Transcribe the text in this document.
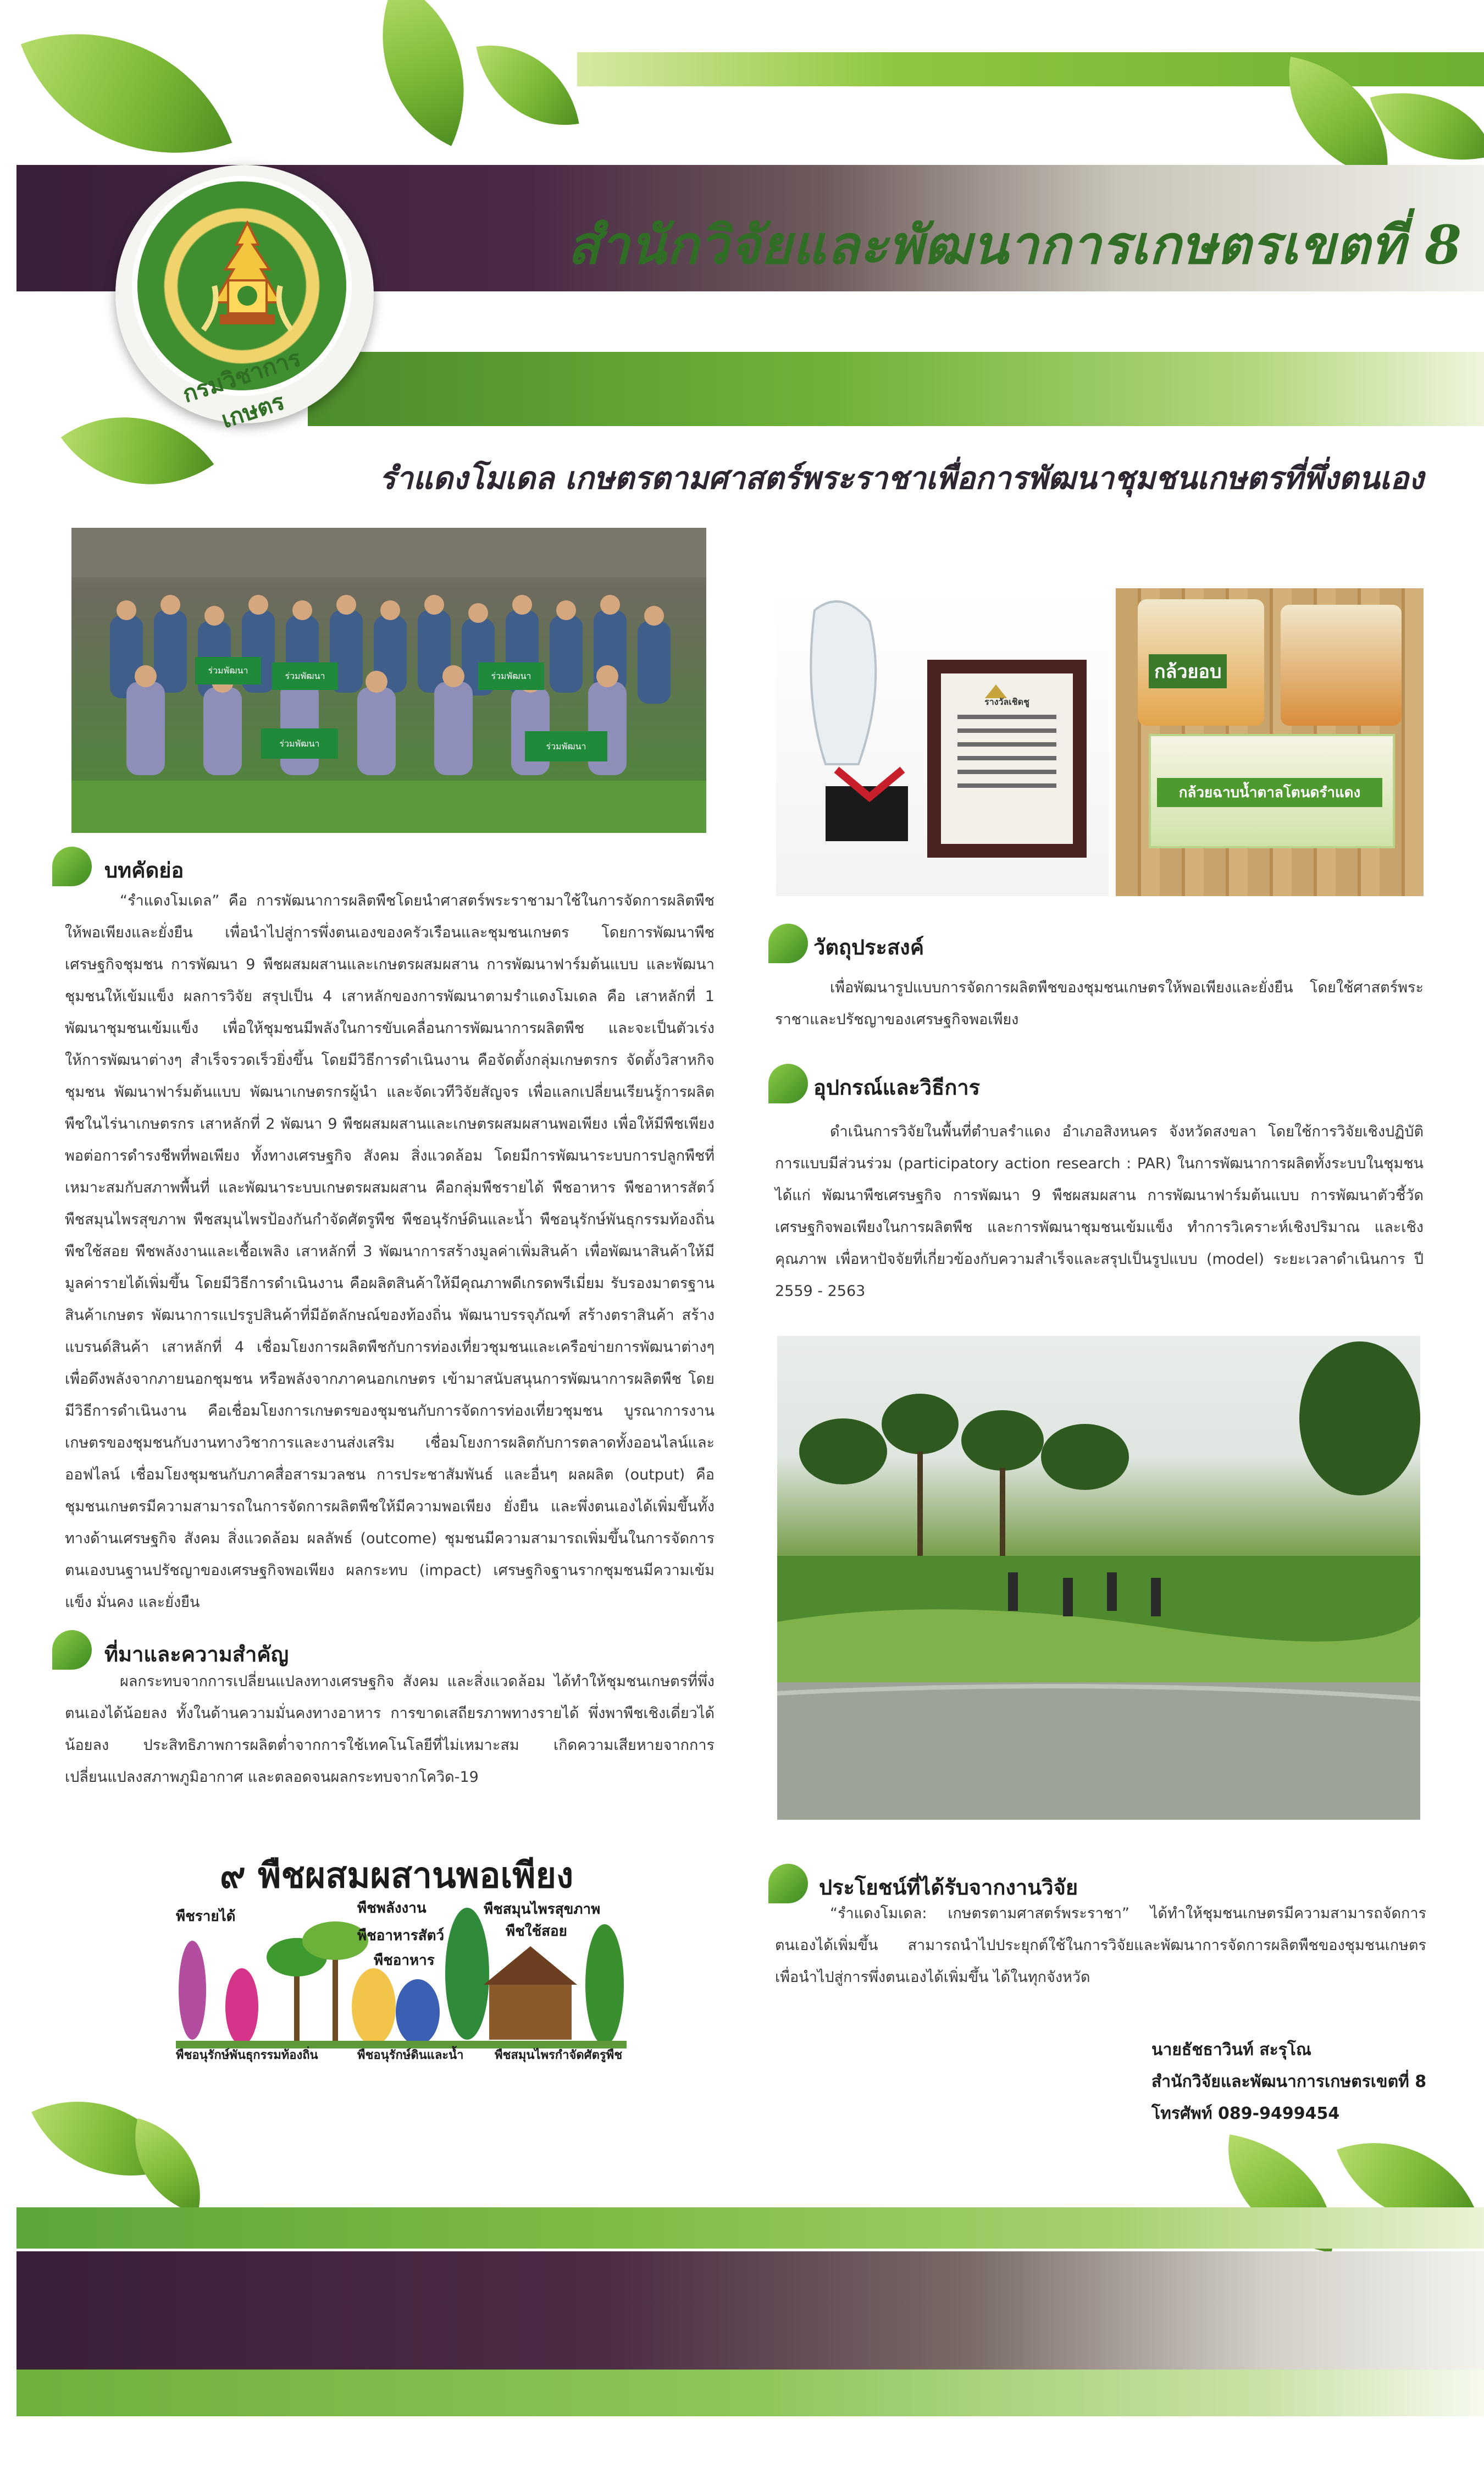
สำนักวิจัยและพัฒนาการเกษตรเขตที่ 8
กรมวิชาการเกษตร
รำแดงโมเดล เกษตรตามศาสตร์พระราชาเพื่อการพัฒนาชุมชนเกษตรที่พึ่งตนเอง
ร่วมพัฒนา
ร่วมพัฒนา	ร่วมพัฒนา
ร่วมพัฒนา	ร่วมพัฒนา
บทคัดย่อ
“รำแดงโมเดล” คือ การพัฒนาการผลิตพืชโดยนำศาสตร์พระราชามาใช้ในการจัดการผลิตพืชให้พอเพียงและยั่งยืน เพื่อนำไปสู่การพึ่งตนเองของครัวเรือนและชุมชนเกษตร โดยการพัฒนาพืชเศรษฐกิจชุมชน การพัฒนา 9 พืชผสมผสานและเกษตรผสมผสาน การพัฒนาฟาร์มต้นแบบ และพัฒนาชุมชนให้เข้มแข็ง ผลการวิจัย สรุปเป็น 4 เสาหลักของการพัฒนาตามรำแดงโมเดล คือ เสาหลักที่ 1 พัฒนาชุมชนเข้มแข็ง เพื่อให้ชุมชนมีพลังในการขับเคลื่อนการพัฒนาการผลิตพืช และจะเป็นตัวเร่งให้การพัฒนาต่างๆ สำเร็จรวดเร็วยิ่งขึ้น โดยมีวิธีการดำเนินงาน คือจัดตั้งกลุ่มเกษตรกร จัดตั้งวิสาหกิจชุมชน พัฒนาฟาร์มต้นแบบ พัฒนาเกษตรกรผู้นำ และจัดเวทีวิจัยสัญจร เพื่อแลกเปลี่ยนเรียนรู้การผลิตพืชในไร่นาเกษตรกร เสาหลักที่ 2 พัฒนา 9 พืชผสมผสานและเกษตรผสมผสานพอเพียง เพื่อให้มีพืชเพียงพอต่อการดำรงชีพที่พอเพียง ทั้งทางเศรษฐกิจ สังคม สิ่งแวดล้อม โดยมีการพัฒนาระบบการปลูกพืชที่เหมาะสมกับสภาพพื้นที่ และพัฒนาระบบเกษตรผสมผสาน คือกลุ่มพืชรายได้ พืชอาหาร พืชอาหารสัตว์ พืชสมุนไพรสุขภาพ พืชสมุนไพรป้องกันกำจัดศัตรูพืช พืชอนุรักษ์ดินและน้ำ พืชอนุรักษ์พันธุกรรมท้องถิ่น พืชใช้สอย พืชพลังงานและเชื้อเพลิง เสาหลักที่ 3 พัฒนาการสร้างมูลค่าเพิ่มสินค้า เพื่อพัฒนาสินค้าให้มีมูลค่ารายได้เพิ่มขึ้น โดยมีวิธีการดำเนินงาน คือผลิตสินค้าให้มีคุณภาพดีเกรดพรีเมี่ยม รับรองมาตรฐานสินค้าเกษตร พัฒนาการแปรรูปสินค้าที่มีอัตลักษณ์ของท้องถิ่น พัฒนาบรรจุภัณฑ์ สร้างตราสินค้า สร้างแบรนด์สินค้า เสาหลักที่ 4 เชื่อมโยงการผลิตพืชกับการท่องเที่ยวชุมชนและเครือข่ายการพัฒนาต่างๆ เพื่อดึงพลังจากภายนอกชุมชน หรือพลังจากภาคนอกเกษตร เข้ามาสนับสนุนการพัฒนาการผลิตพืช โดยมีวิธีการดำเนินงาน คือเชื่อมโยงการเกษตรของชุมชนกับการจัดการท่องเที่ยวชุมชน บูรณาการงานเกษตรของชุมชนกับงานทางวิชาการและงานส่งเสริม เชื่อมโยงการผลิตกับการตลาดทั้งออนไลน์และออฟไลน์ เชื่อมโยงชุมชนกับภาคสื่อสารมวลชน การประชาสัมพันธ์ และอื่นๆ ผลผลิต (output) คือ ชุมชนเกษตรมีความสามารถในการจัดการผลิตพืชให้มีความพอเพียง ยั่งยืน และพึ่งตนเองได้เพิ่มขึ้นทั้งทางด้านเศรษฐกิจ สังคม สิ่งแวดล้อม ผลลัพธ์ (outcome) ชุมชนมีความสามารถเพิ่มขึ้นในการจัดการตนเองบนฐานปรัชญาของเศรษฐกิจพอเพียง ผลกระทบ (impact) เศรษฐกิจฐานรากชุมชนมีความเข้มแข็ง มั่นคง และยั่งยืน
ที่มาและความสำคัญ
ผลกระทบจากการเปลี่ยนแปลงทางเศรษฐกิจ สังคม และสิ่งแวดล้อม ได้ทำให้ชุมชนเกษตรที่พึ่งตนเองได้น้อยลง ทั้งในด้านความมั่นคงทางอาหาร การขาดเสถียรภาพทางรายได้ พึ่งพาพืชเชิงเดี่ยวได้น้อยลง ประสิทธิภาพการผลิตต่ำจากการใช้เทคโนโลยีที่ไม่เหมาะสม เกิดความเสียหายจากการเปลี่ยนแปลงสภาพภูมิอากาศ และตลอดจนผลกระทบจากโควิด-19
๙ พืชผสมผสานพอเพียง
พืชรายได้	พืชพลังงาน
พืชอาหารสัตว์
พืชอาหาร
พืชสมุนไพรสุขภาพ
พืชใช้สอย
พืชอนุรักษ์พันธุกรรมท้องถิ่น	พืชอนุรักษ์ดินและน้ำ	พืชสมุนไพรกำจัดศัตรูพืช
รางวัลเชิดชู
กล้วยอบ
กล้วยฉาบน้ำตาลโตนดรำแดง
วัตถุประสงค์
เพื่อพัฒนารูปแบบการจัดการผลิตพืชของชุมชนเกษตรให้พอเพียงและยั่งยืน โดยใช้ศาสตร์พระราชาและปรัชญาของเศรษฐกิจพอเพียง
อุปกรณ์และวิธีการ
ดำเนินการวิจัยในพื้นที่ตำบลรำแดง อำเภอสิงหนคร จังหวัดสงขลา โดยใช้การวิจัยเชิงปฏิบัติการแบบมีส่วนร่วม (participatory action research : PAR) ในการพัฒนาการผลิตทั้งระบบในชุมชน ได้แก่ พัฒนาพืชเศรษฐกิจ การพัฒนา 9 พืชผสมผสาน การพัฒนาฟาร์มต้นแบบ การพัฒนาตัวชี้วัดเศรษฐกิจพอเพียงในการผลิตพืช และการพัฒนาชุมชนเข้มแข็ง ทำการวิเคราะห์เชิงปริมาณ และเชิงคุณภาพ เพื่อหาปัจจัยที่เกี่ยวข้องกับความสำเร็จและสรุปเป็นรูปแบบ (model) ระยะเวลาดำเนินการ ปี 2559 - 2563
ประโยชน์ที่ได้รับจากงานวิจัย
“รำแดงโมเดล: เกษตรตามศาสตร์พระราชา” ได้ทำให้ชุมชนเกษตรมีความสามารถจัดการตนเองได้เพิ่มขึ้น สามารถนำไปประยุกต์ใช้ในการวิจัยและพัฒนาการจัดการผลิตพืชของชุมชนเกษตร เพื่อนำไปสู่การพึ่งตนเองได้เพิ่มขึ้น ได้ในทุกจังหวัด
นายธัชธาวินท์ สะรุโณ
สำนักวิจัยและพัฒนาการเกษตรเขตที่ 8
โทรศัพท์ 089-9499454
